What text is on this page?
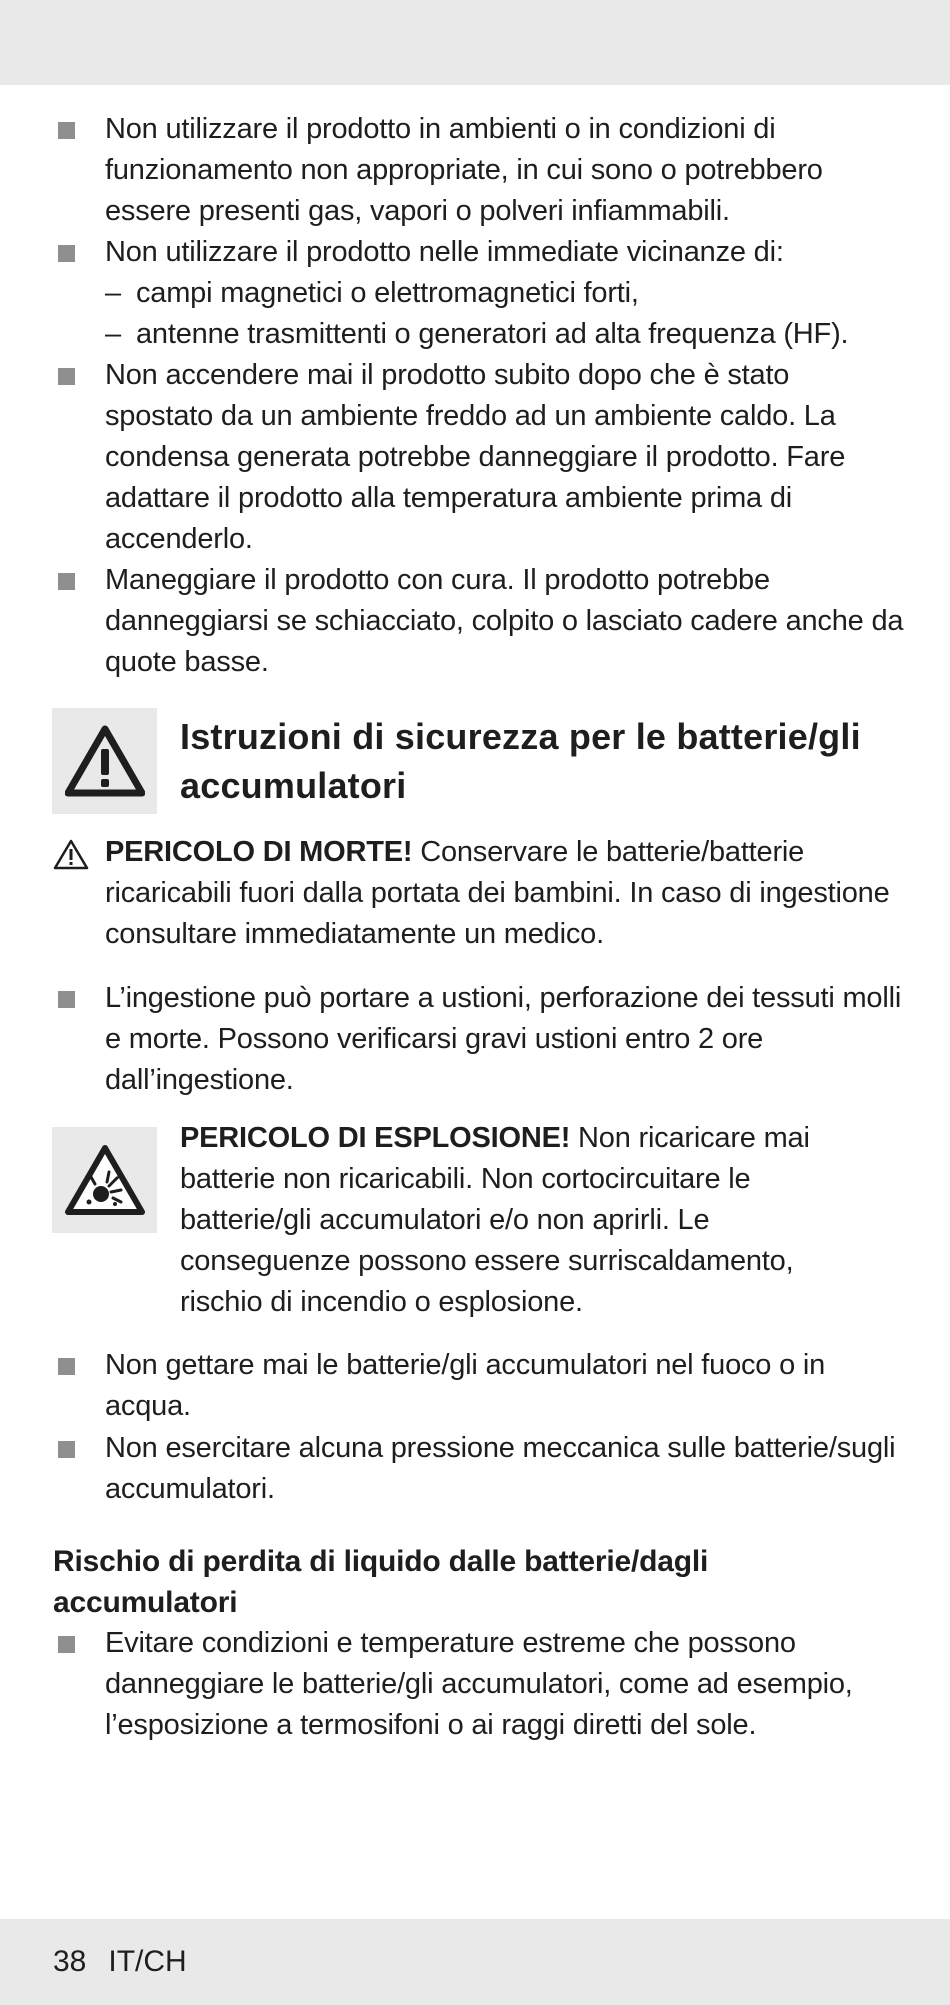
Non utilizzare il prodotto in ambienti o in condizioni di funzionamento non appropriate, in cui sono o potrebbero essere presenti gas, vapori o polveri infiammabili.
Non utilizzare il prodotto nelle immediate vicinanze di:
– campi magnetici o elettromagnetici forti,
– antenne trasmittenti o generatori ad alta frequenza (HF).
Non accendere mai il prodotto subito dopo che è stato spostato da un ambiente freddo ad un ambiente caldo. La condensa generata potrebbe danneggiare il prodotto. Fare adattare il prodotto alla temperatura ambiente prima di accenderlo.
Maneggiare il prodotto con cura. Il prodotto potrebbe danneggiarsi se schiacciato, colpito o lasciato cadere anche da quote basse.
Istruzioni di sicurezza per le batterie/gli accumulatori
PERICOLO DI MORTE! Conservare le batterie/batterie ricaricabili fuori dalla portata dei bambini. In caso di ingestione consultare immediatamente un medico.
L’ingestione può portare a ustioni, perforazione dei tessuti molli e morte. Possono verificarsi gravi ustioni entro 2 ore dall’ingestione.
PERICOLO DI ESPLOSIONE! Non ricaricare mai batterie non ricaricabili. Non cortocircuitare le batterie/gli accumulatori e/o non aprirli. Le conseguenze possono essere surriscaldamento, rischio di incendio o esplosione.
Non gettare mai le batterie/gli accumulatori nel fuoco o in acqua.
Non esercitare alcuna pressione meccanica sulle batterie/sugli accumulatori.
Rischio di perdita di liquido dalle batterie/dagli accumulatori
Evitare condizioni e temperature estreme che possono danneggiare le batterie/gli accumulatori, come ad esempio, l’esposizione a termosifoni o ai raggi diretti del sole.
38 IT/CH
